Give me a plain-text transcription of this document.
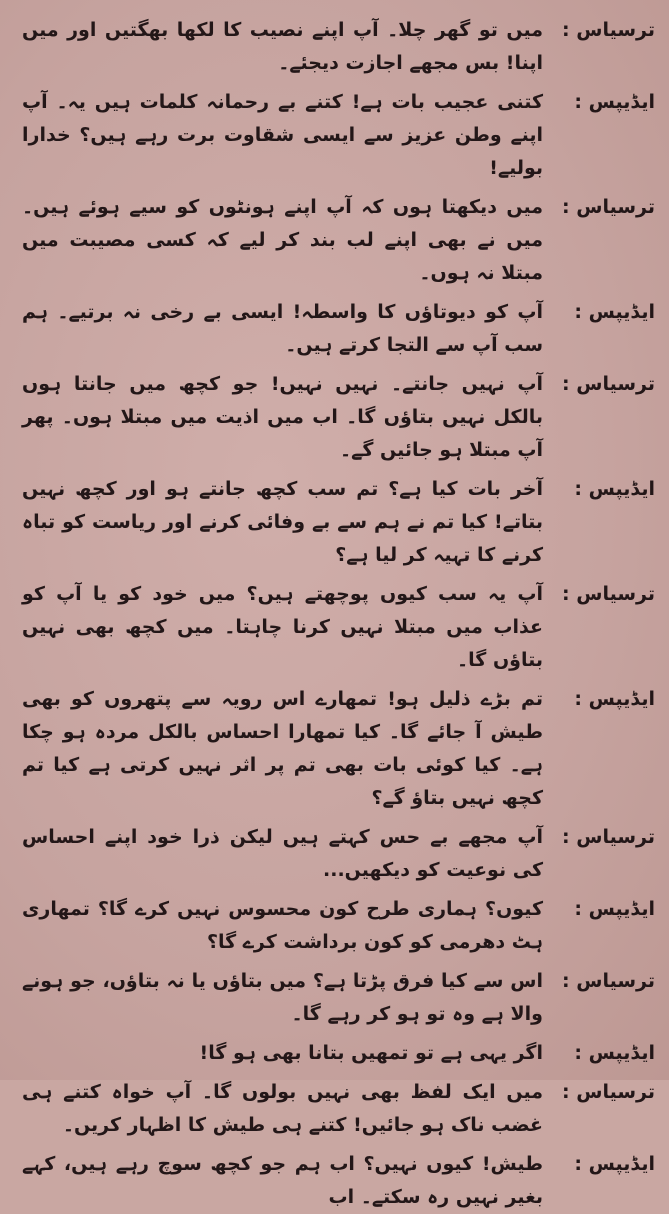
ترسیاس :
میں تو گھر چلا۔ آپ اپنے نصیب کا لکھا بھگتیں اور میں اپنا! بس مجھے اجازت دیجئے۔
ایڈیپس :
کتنی عجیب بات ہے! کتنے بے رحمانہ کلمات ہیں یہ۔ آپ اپنے وطن عزیز سے ایسی شقاوت برت رہے ہیں؟ خدارا بولیے!
ترسیاس :
میں دیکھتا ہوں کہ آپ اپنے ہونٹوں کو سیے ہوئے ہیں۔ میں نے بھی اپنے لب بند کر لیے کہ کسی مصیبت میں مبتلا نہ ہوں۔
ایڈیپس :
آپ کو دیوتاؤں کا واسطہ! ایسی بے رخی نہ برتیے۔ ہم سب آپ سے التجا کرتے ہیں۔
ترسیاس :
آپ نہیں جانتے۔ نہیں نہیں! جو کچھ میں جانتا ہوں بالکل نہیں بتاؤں گا۔ اب میں اذیت میں مبتلا ہوں۔ پھر آپ مبتلا ہو جائیں گے۔
ایڈیپس :
آخر بات کیا ہے؟ تم سب کچھ جانتے ہو اور کچھ نہیں بتاتے! کیا تم نے ہم سے بے وفائی کرنے اور ریاست کو تباہ کرنے کا تہیہ کر لیا ہے؟
ترسیاس :
آپ یہ سب کیوں پوچھتے ہیں؟ میں خود کو یا آپ کو عذاب میں مبتلا نہیں کرنا چاہتا۔ میں کچھ بھی نہیں بتاؤں گا۔
ایڈیپس :
تم بڑے ذلیل ہو! تمھارے اس رویہ سے پتھروں کو بھی طیش آ جائے گا۔ کیا تمھارا احساس بالکل مردہ ہو چکا ہے۔ کیا کوئی بات بھی تم پر اثر نہیں کرتی ہے کیا تم کچھ نہیں بتاؤ گے؟
ترسیاس :
آپ مجھے بے حس کہتے ہیں لیکن ذرا خود اپنے احساس کی نوعیت کو دیکھیں...
ایڈیپس :
کیوں؟ ہماری طرح کون محسوس نہیں کرے گا؟ تمھاری ہٹ دھرمی کو کون برداشت کرے گا؟
ترسیاس :
اس سے کیا فرق پڑتا ہے؟ میں بتاؤں یا نہ بتاؤں، جو ہونے والا ہے وہ تو ہو کر رہے گا۔
ایڈیپس :
اگر یہی ہے تو تمھیں بتانا بھی ہو گا!
ترسیاس :
میں ایک لفظ بھی نہیں بولوں گا۔ آپ خواہ کتنے ہی غضب ناک ہو جائیں! کتنے ہی طیش کا اظہار کریں۔
ایڈیپس :
طیش! کیوں نہیں؟ اب ہم جو کچھ سوچ رہے ہیں، کہے بغیر نہیں رہ سکتے۔ اب
